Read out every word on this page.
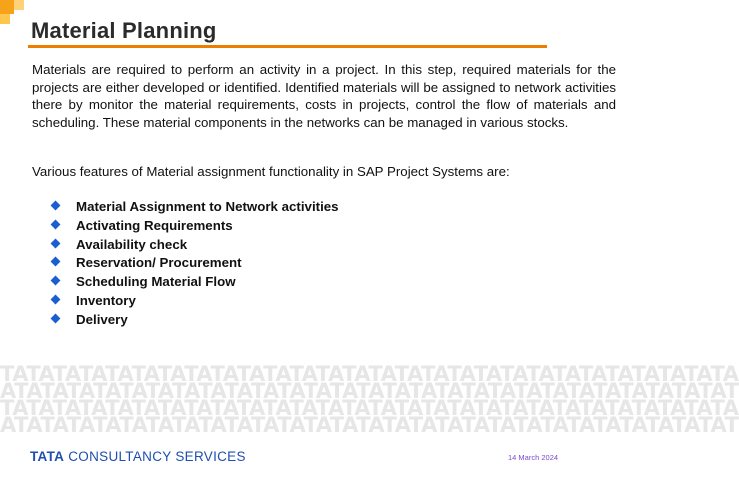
Material Planning
Materials are required to perform an activity in a project. In this step, required materials for the projects are either developed or identified. Identified materials will be assigned to network activities there by monitor the material requirements, costs in projects, control the flow of materials and scheduling. These material components in the networks can be managed in various stocks.
Various features of Material assignment functionality in SAP Project Systems are:
Material Assignment to Network activities
Activating Requirements
Availability check
Reservation/ Procurement
Scheduling Material Flow
Inventory
Delivery
TATATATATATATATATATATATATATATATATATATATATATATATATATATATA
ATATATATATATATATATATATATATATATATATATATATATATATATATATATAT
TATATATATATATATATATATATATATATATATATATATATATATATATATATATA
ATATATATATATATATATATATATATATATATATATATATATATATATATATATAT
TATA CONSULTANCY SERVICES	14 March 2024
